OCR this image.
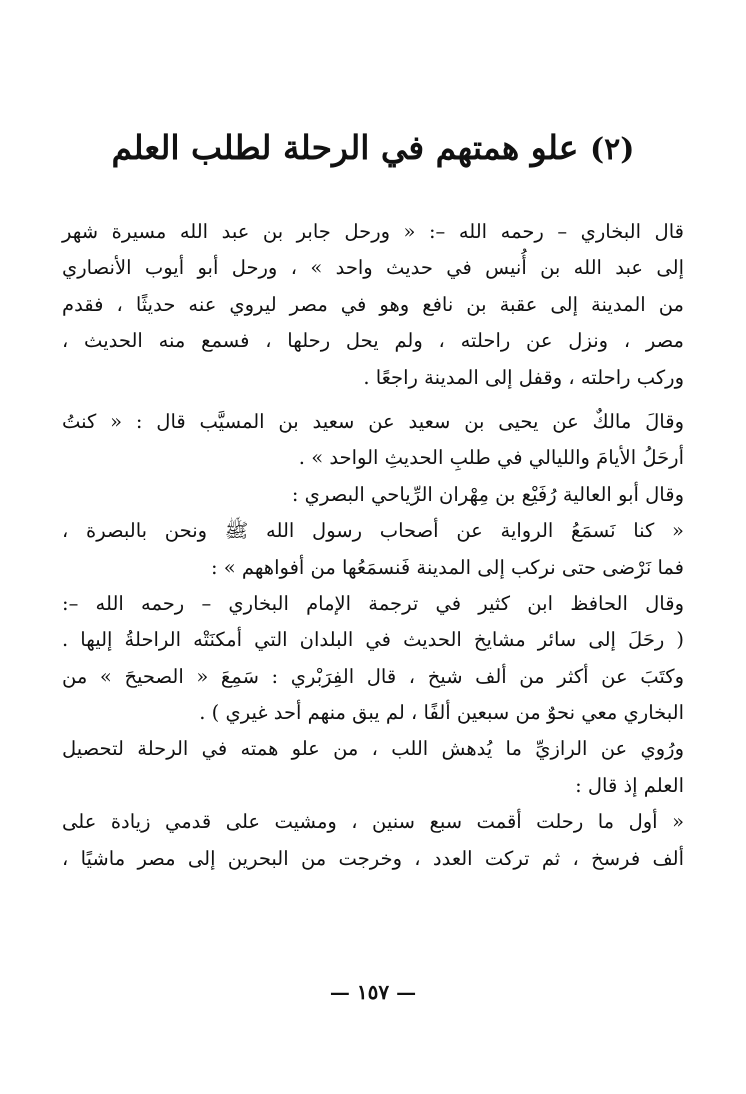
(٢) علو همتهم في الرحلة لطلب العلم
قال البخاري – رحمه الله –: « ورحل جابر بن عبد الله مسيرة شهر
إلى عبد الله بن أُنيس في حديث واحد » ، ورحل أبو أيوب الأنصاري
من المدينة إلى عقبة بن نافع وهو في مصر ليروي عنه حديثًا ، فقدم
مصر ، ونزل عن راحلته ، ولم يحل رحلها ، فسمع منه الحديث ،
وركب راحلته ، وقفل إلى المدينة راجعًا .
وقالَ مالكٌ عن يحيى بن سعيد عن سعيد بن المسيَّب قال : « كنتُ
أرحَلُ الأيامَ والليالي في طلبِ الحديثِ الواحد » .
وقال أبو العالية رُفَيْع بن مِهْران الرِّياحي البصري :
« كنا نَسمَعُ الرواية عن أصحاب رسول الله ﷺ ونحن بالبصرة ،
فما نَرْضى حتى نركب إلى المدينة فَنسمَعُها من أفواههم » :
وقال الحافظ ابن كثير في ترجمة الإمام البخاري – رحمه الله –:
( رحَلَ إلى سائر مشايخ الحديث في البلدان التي أمكنَتْه الراحلةُ إليها .
وكتَبَ عن أكثر من ألف شيخ ، قال الفِرَبْري : سَمِعَ « الصحيحَ » من
البخاري معي نحوٌ من سبعين ألفًا ، لم يبق منهم أحد غيري ) .
ورُوي عن الرازيِّ ما يُدهش اللب ، من علو همته في الرحلة لتحصيل
العلم إذ قال :
« أول ما رحلت أقمت سبع سنين ، ومشيت على قدمي زيادة على
ألف فرسخ ، ثم تركت العدد ، وخرجت من البحرين إلى مصر ماشيًا ،
— ١٥٧ —
